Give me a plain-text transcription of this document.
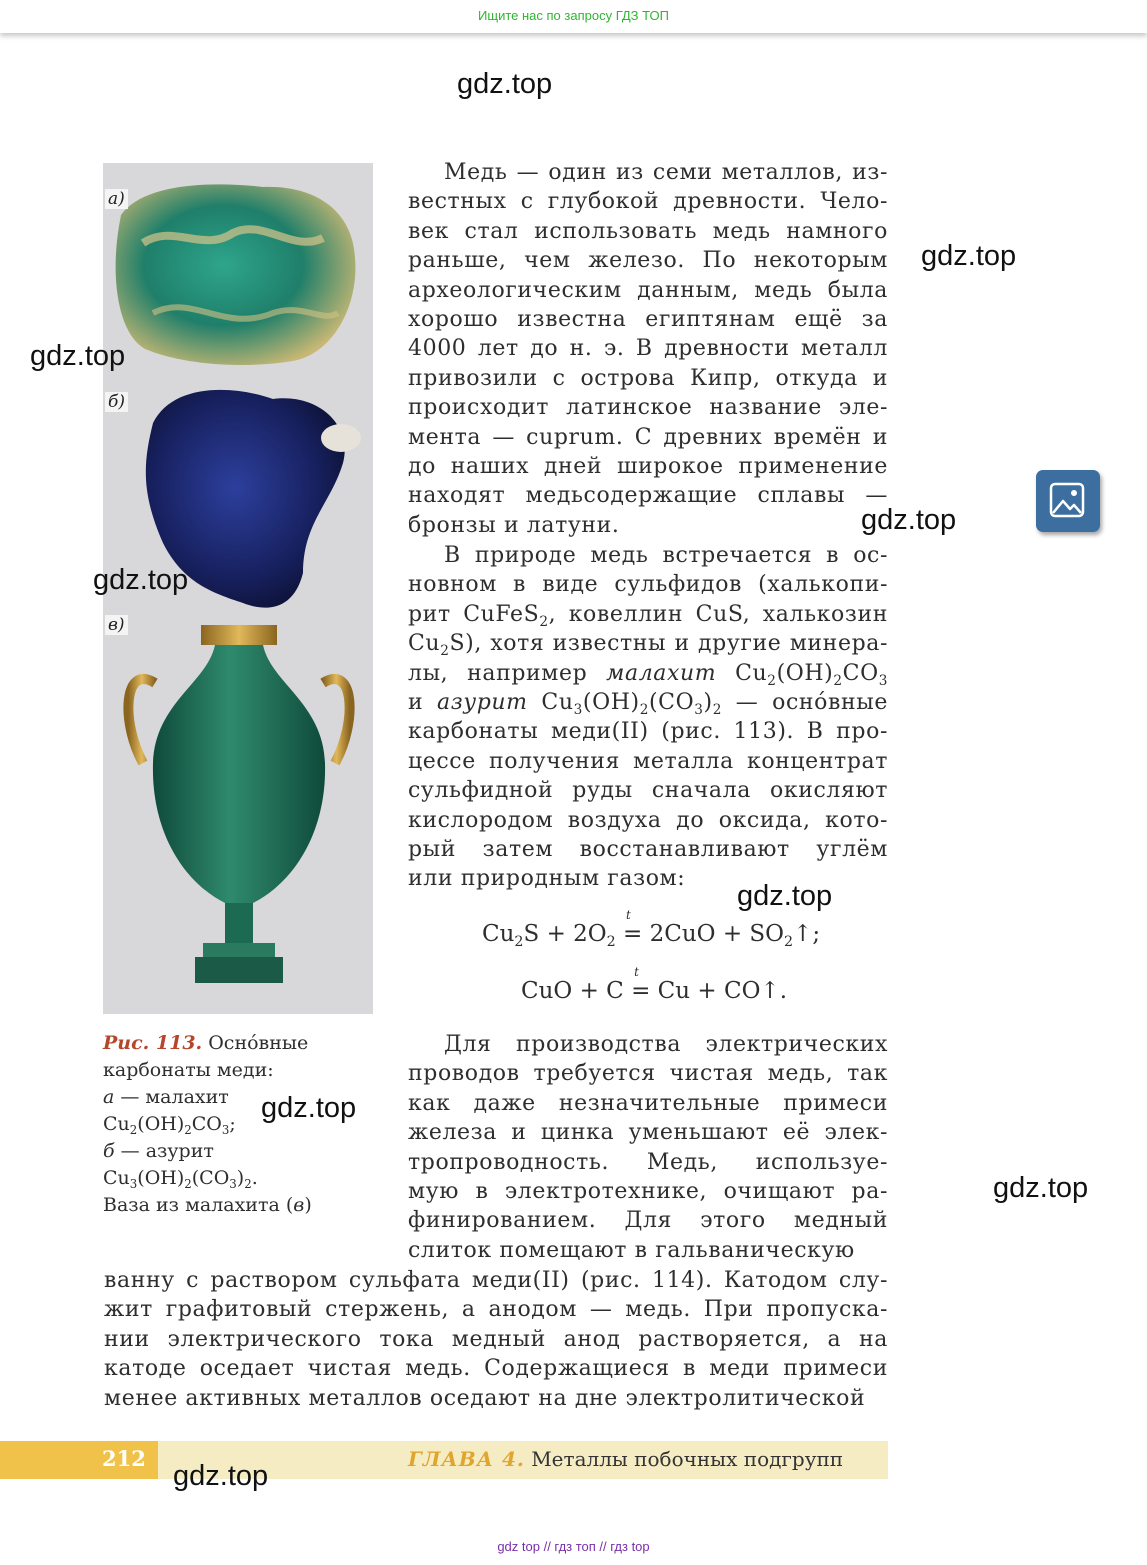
Ищите нас по запросу ГДЗ ТОП
а)
б)
в)
Медь — один из семи металлов, из-
вестных с глубокой древности. Чело-
век стал использовать медь намного
раньше, чем железо. По некоторым
археологическим данным, медь была
хорошо известна египтянам ещё за
4000 лет до н. э. В древности металл
привозили с острова Кипр, откуда и
происходит латинское название эле-
мента — cuprum. С древних времён и
до наших дней широкое применение
находят медьсодержащие сплавы —
бронзы и латуни.
В природе медь встречается в ос-
новном в виде сульфидов (халькопи-
рит CuFeS$_2$, ковеллин CuS, халькозин
$Cu_2S$), хотя известны и другие минера-
лы, например малахит $Cu_2(OH)_2CO_3$
и азурит $Cu_3(OH)_2(CO_3)_2$ — оснóвные
карбонаты меди(II) (рис. 113). В про-
цессе получения металла концентрат
сульфидной руды сначала окисляют
кислородом воздуха до оксида, кото-
рый затем восстанавливают углём
или природным газом:
$Cu_2S + 2O_2$
t
= $2CuO + SO_2↑$;
CuO + C
t
= Cu + CO↑.
Для производства электрических
проводов требуется чистая медь, так
как даже незначительные примеси
железа и цинка уменьшают её элек-
тропроводность. Медь, используе-
мую в электротехнике, очищают ра-
финированием. Для этого медный
слиток помещают в гальваническую
ванну с раствором сульфата меди(II) (рис. 114). Катодом слу-
жит графитовый стержень, а анодом — медь. При пропуска-
нии электрического тока медный анод растворяется, а на
катоде оседает чистая медь. Содержащиеся в меди примеси
менее активных металлов оседают на дне электролитической
Рис. 113. Оснóвные
карбонаты меди:
а — малахит
$Cu_2(OH)_2CO_3$;
б — азурит
$Cu_3(OH)_2(CO_3)_2$.
Ваза из малахита (в)
212	ГЛАВА 4. Металлы побочных подгрупп
gdz.top
gdz.top
gdz.top
gdz.top
gdz.top
gdz.top
gdz.top
gdz.top
gdz.top
gdz top // гдз топ // гдз top
